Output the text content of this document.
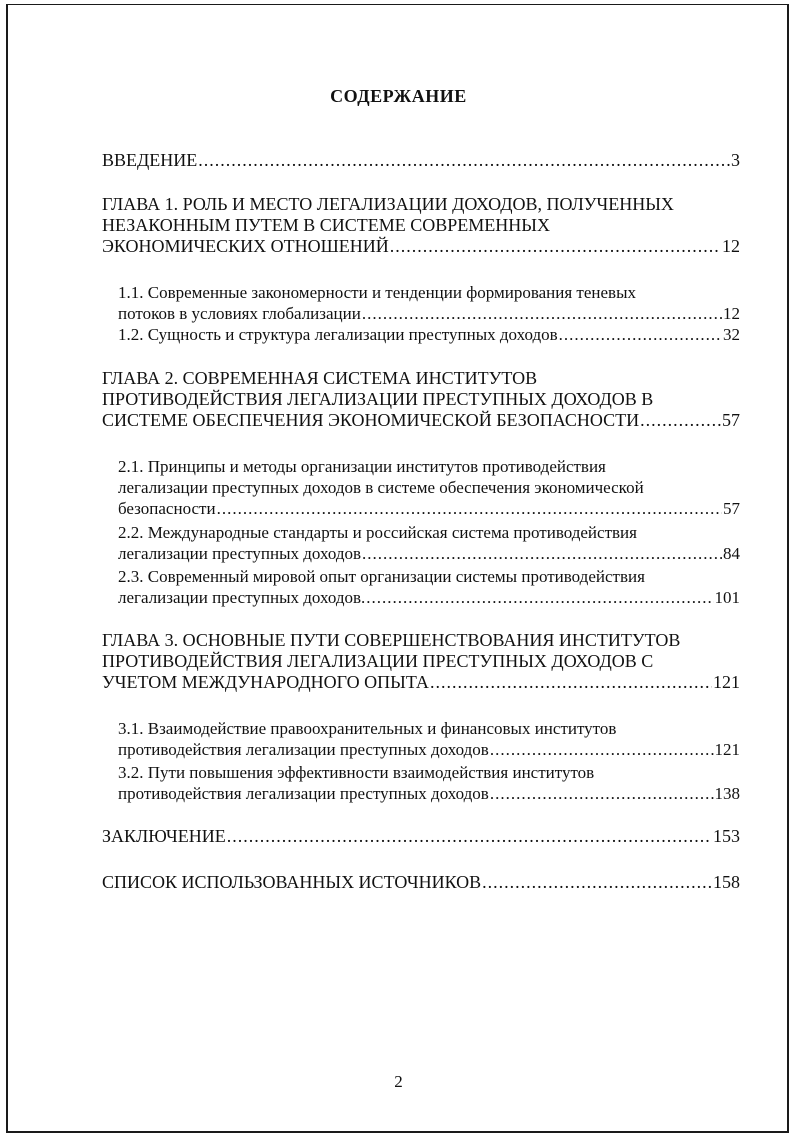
СОДЕРЖАНИЕ
ВВЕДЕНИЕ .....	3
ГЛАВА 1. РОЛЬ И МЕСТО ЛЕГАЛИЗАЦИИ ДОХОДОВ, ПОЛУЧЕННЫХ
НЕЗАКОННЫМ ПУТЕМ В СИСТЕМЕ СОВРЕМЕННЫХ
ЭКОНОМИЧЕСКИХ ОТНОШЕНИЙ .....	12
1.1. Современные закономерности и тенденции формирования теневых
потоков в условиях глобализации .....	12
1.2. Сущность и структура легализации преступных доходов .....	32
ГЛАВА 2. СОВРЕМЕННАЯ СИСТЕМА ИНСТИТУТОВ
ПРОТИВОДЕЙСТВИЯ ЛЕГАЛИЗАЦИИ ПРЕСТУПНЫХ ДОХОДОВ В
СИСТЕМЕ ОБЕСПЕЧЕНИЯ ЭКОНОМИЧЕСКОЙ БЕЗОПАСНОСТИ .....	57
2.1. Принципы и методы организации институтов противодействия
легализации преступных доходов в системе обеспечения экономической
безопасности .....	57
2.2. Международные стандарты и российская система противодействия
легализации преступных доходов .....	84
2.3. Современный мировой опыт организации системы противодействия
легализации преступных доходов. .....	101
ГЛАВА 3. ОСНОВНЫЕ ПУТИ СОВЕРШЕНСТВОВАНИЯ ИНСТИТУТОВ
ПРОТИВОДЕЙСТВИЯ ЛЕГАЛИЗАЦИИ ПРЕСТУПНЫХ ДОХОДОВ С
УЧЕТОМ МЕЖДУНАРОДНОГО ОПЫТА .....	121
3.1. Взаимодействие правоохранительных и финансовых институтов
противодействия легализации преступных доходов .....	121
3.2. Пути повышения эффективности взаимодействия институтов
противодействия легализации преступных доходов .....	138
ЗАКЛЮЧЕНИЕ .....	153
СПИСОК ИСПОЛЬЗОВАННЫХ ИСТОЧНИКОВ .....	158
2
